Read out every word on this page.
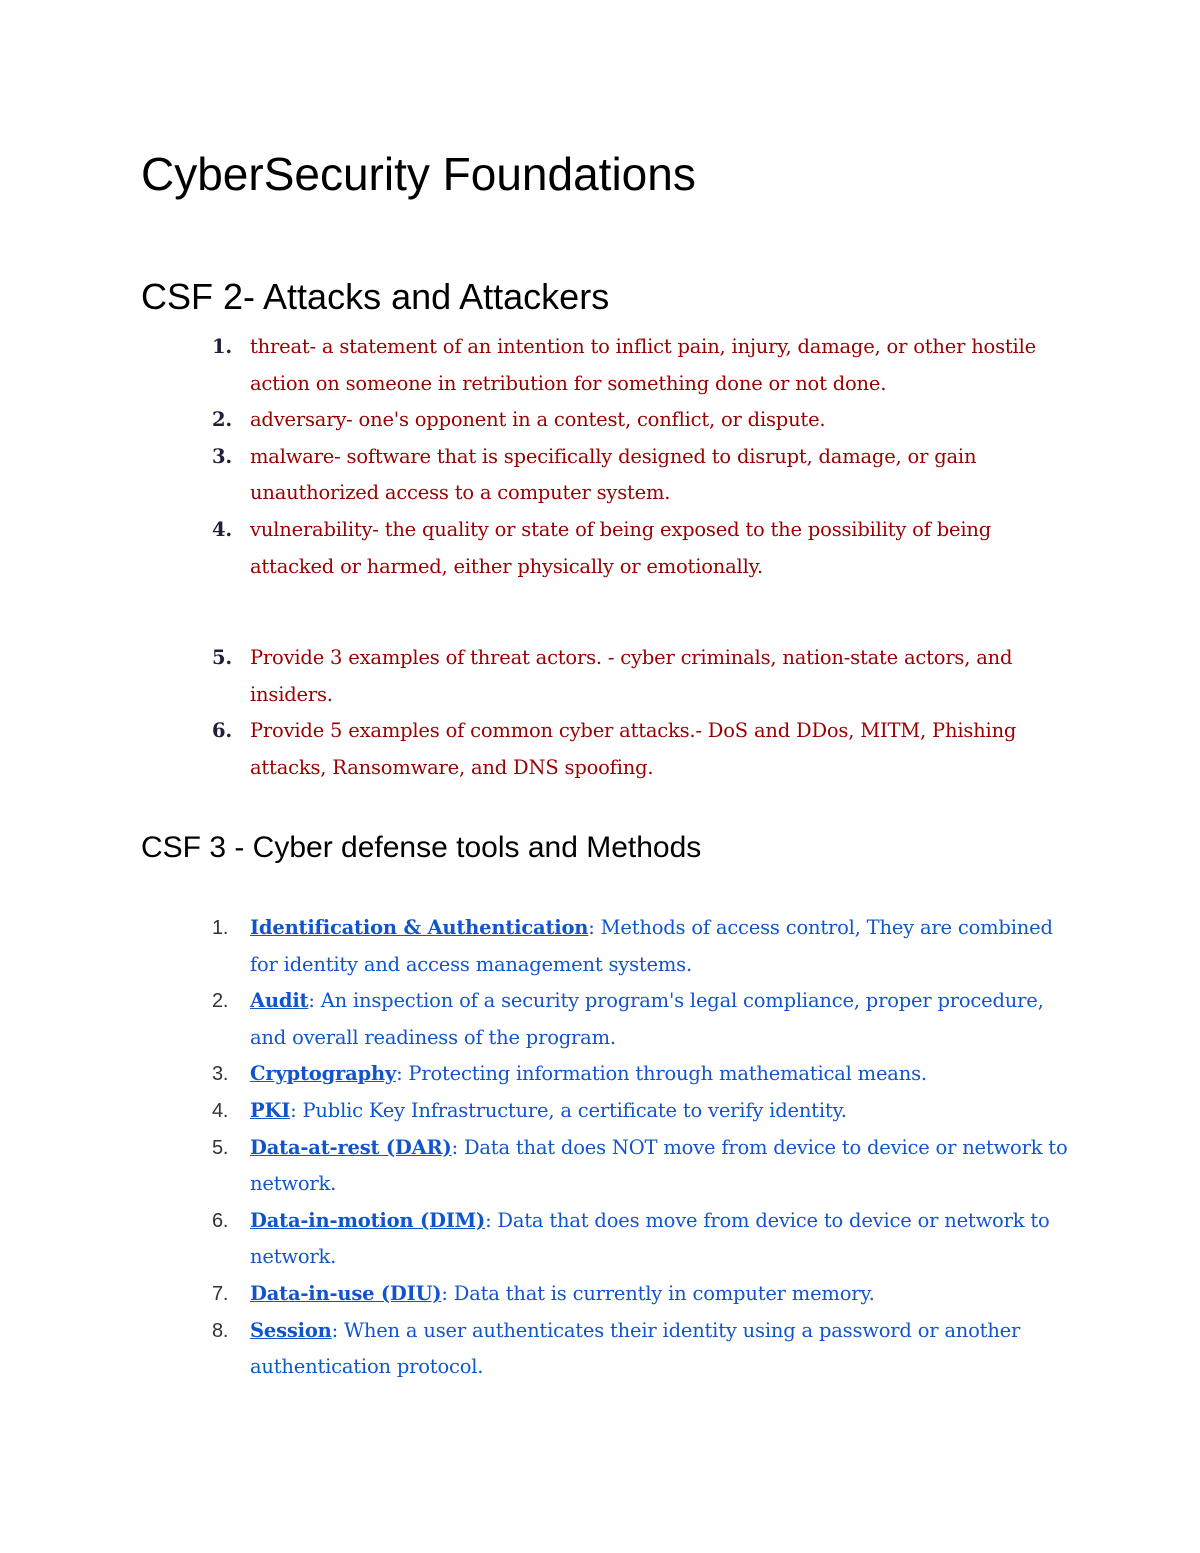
CyberSecurity Foundations
CSF 2- Attacks and Attackers
1. threat- a statement of an intention to inflict pain, injury, damage, or other hostile action on someone in retribution for something done or not done.
2. adversary- one's opponent in a contest, conflict, or dispute.
3. malware- software that is specifically designed to disrupt, damage, or gain unauthorized access to a computer system.
4. vulnerability- the quality or state of being exposed to the possibility of being attacked or harmed, either physically or emotionally.
5. Provide 3 examples of threat actors. - cyber criminals, nation-state actors, and insiders.
6. Provide 5 examples of common cyber attacks.- DoS and DDos, MITM, Phishing attacks, Ransomware, and DNS spoofing.
CSF 3 - Cyber defense tools and Methods
1.	Identification & Authentication: Methods of access control, They are combined for identity and access management systems.
2.	Audit: An inspection of a security program's legal compliance, proper procedure, and overall readiness of the program.
3.	Cryptography: Protecting information through mathematical means.
4.	PKI: Public Key Infrastructure, a certificate to verify identity.
5.	Data-at-rest (DAR): Data that does NOT move from device to device or network to network.
6.	Data-in-motion (DIM): Data that does move from device to device or network to network.
7.	Data-in-use (DIU): Data that is currently in computer memory.
8.	Session: When a user authenticates their identity using a password or another authentication protocol.
